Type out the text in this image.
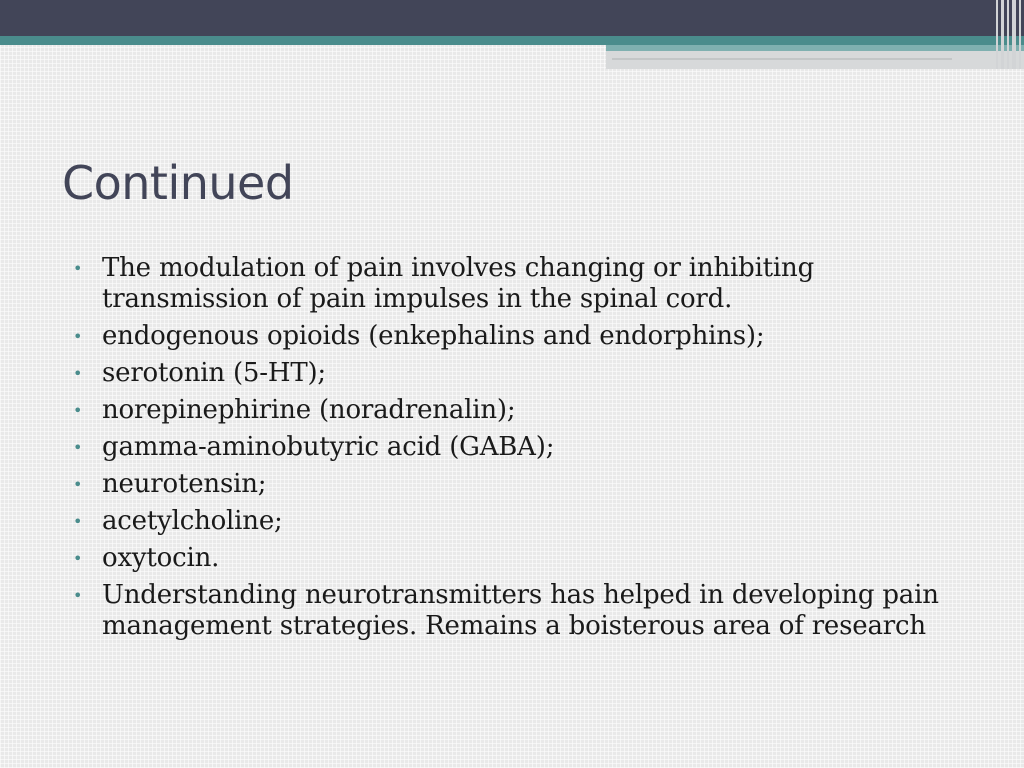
Continued
• The modulation of pain involves changing or inhibiting transmission of pain impulses in the spinal cord.
• endogenous opioids (enkephalins and endorphins);
• serotonin (5-HT);
• norepinephirine (noradrenalin);
• gamma-aminobutyric acid (GABA);
• neurotensin;
• acetylcholine;
• oxytocin.
• Understanding neurotransmitters has helped in developing pain management strategies. Remains a boisterous area of research
